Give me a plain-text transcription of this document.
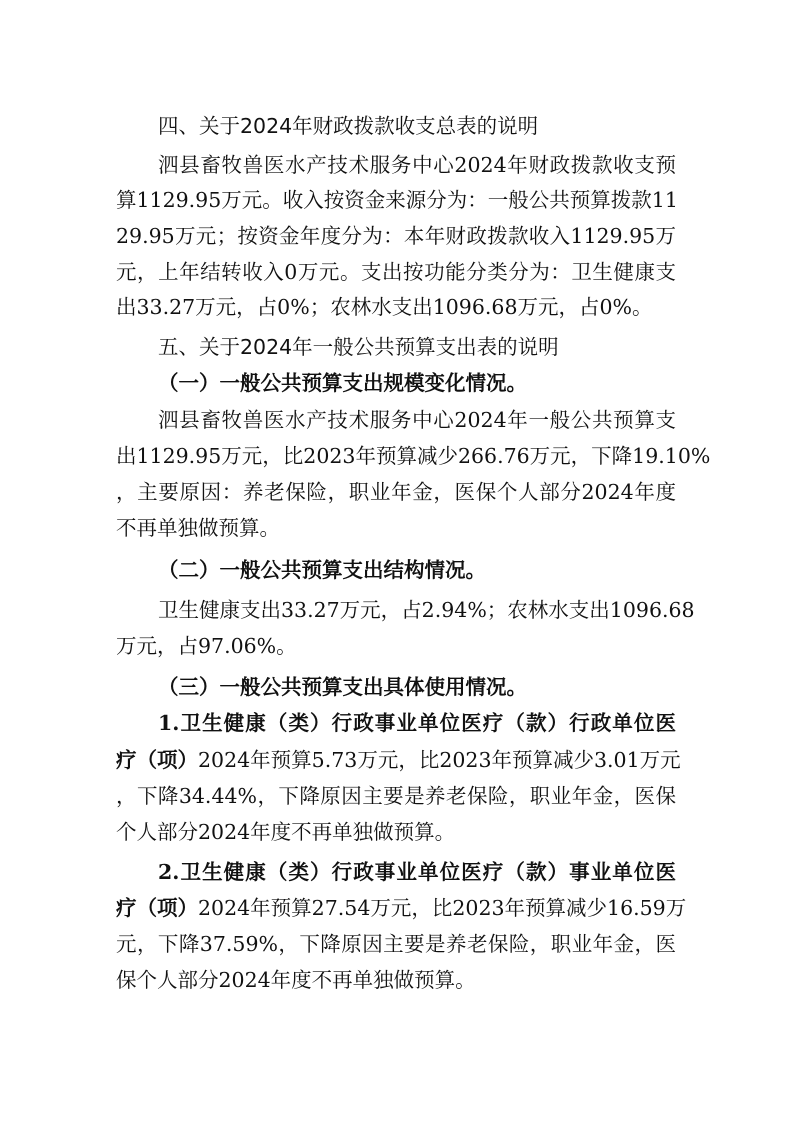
四、关于2024年财政拨款收支总表的说明
泗县畜牧兽医水产技术服务中心2024年财政拨款收支预
算1129.95万元。收入按资金来源分为：一般公共预算拨款11
29.95万元；按资金年度分为：本年财政拨款收入1129.95万
元，上年结转收入0万元。支出按功能分类分为：卫生健康支
出33.27万元，占0%；农林水支出1096.68万元，占0%。
五、关于2024年一般公共预算支出表的说明
（一）一般公共预算支出规模变化情况。
泗县畜牧兽医水产技术服务中心2024年一般公共预算支
出1129.95万元，比2023年预算减少266.76万元，下降19.10%
，主要原因：养老保险，职业年金，医保个人部分2024年度
不再单独做预算。
（二）一般公共预算支出结构情况。
卫生健康支出33.27万元，占2.94%；农林水支出1096.68
万元，占97.06%。
（三）一般公共预算支出具体使用情况。
1.卫生健康（类）行政事业单位医疗（款）行政单位医
疗（项）2024年预算5.73万元，比2023年预算减少3.01万元
，下降34.44%，下降原因主要是养老保险，职业年金，医保
个人部分2024年度不再单独做预算。
2.卫生健康（类）行政事业单位医疗（款）事业单位医
疗（项）2024年预算27.54万元，比2023年预算减少16.59万
元，下降37.59%，下降原因主要是养老保险，职业年金，医
保个人部分2024年度不再单独做预算。
